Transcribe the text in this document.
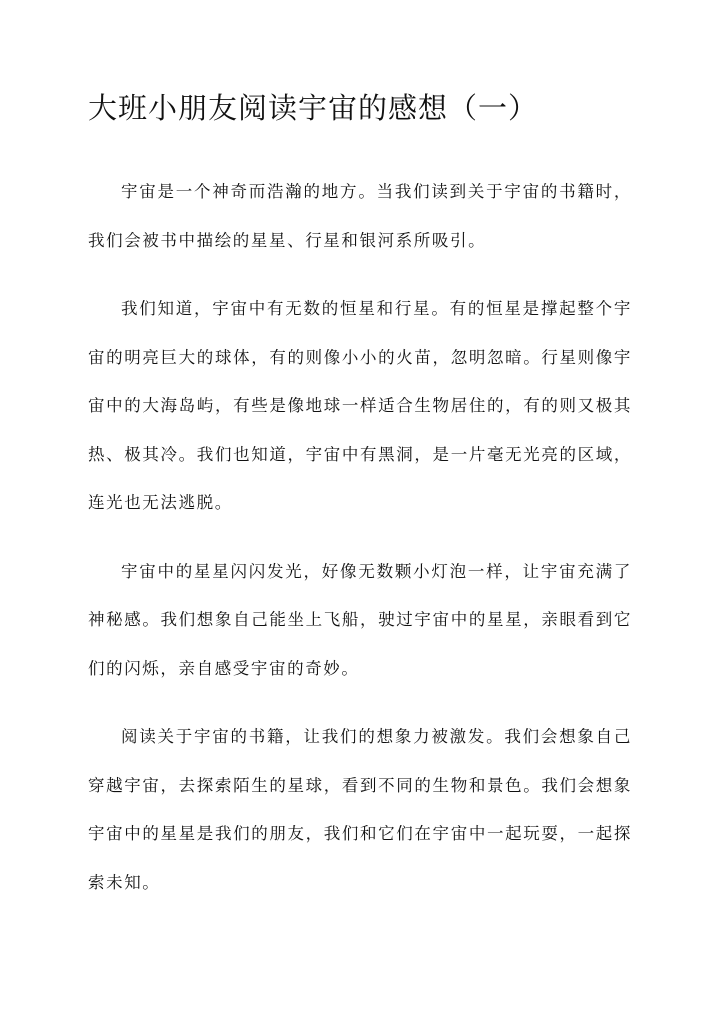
大班小朋友阅读宇宙的感想（一）

宇宙是一个神奇而浩瀚的地方。当我们读到关于宇宙的书籍时，我们会被书中描绘的星星、行星和银河系所吸引。

我们知道，宇宙中有无数的恒星和行星。有的恒星是撑起整个宇宙的明亮巨大的球体，有的则像小小的火苗，忽明忽暗。行星则像宇宙中的大海岛屿，有些是像地球一样适合生物居住的，有的则又极其热、极其冷。我们也知道，宇宙中有黑洞，是一片毫无光亮的区域，连光也无法逃脱。

宇宙中的星星闪闪发光，好像无数颗小灯泡一样，让宇宙充满了神秘感。我们想象自己能坐上飞船，驶过宇宙中的星星，亲眼看到它们的闪烁，亲自感受宇宙的奇妙。

阅读关于宇宙的书籍，让我们的想象力被激发。我们会想象自己穿越宇宙，去探索陌生的星球，看到不同的生物和景色。我们会想象宇宙中的星星是我们的朋友，我们和它们在宇宙中一起玩耍，一起探索未知。
